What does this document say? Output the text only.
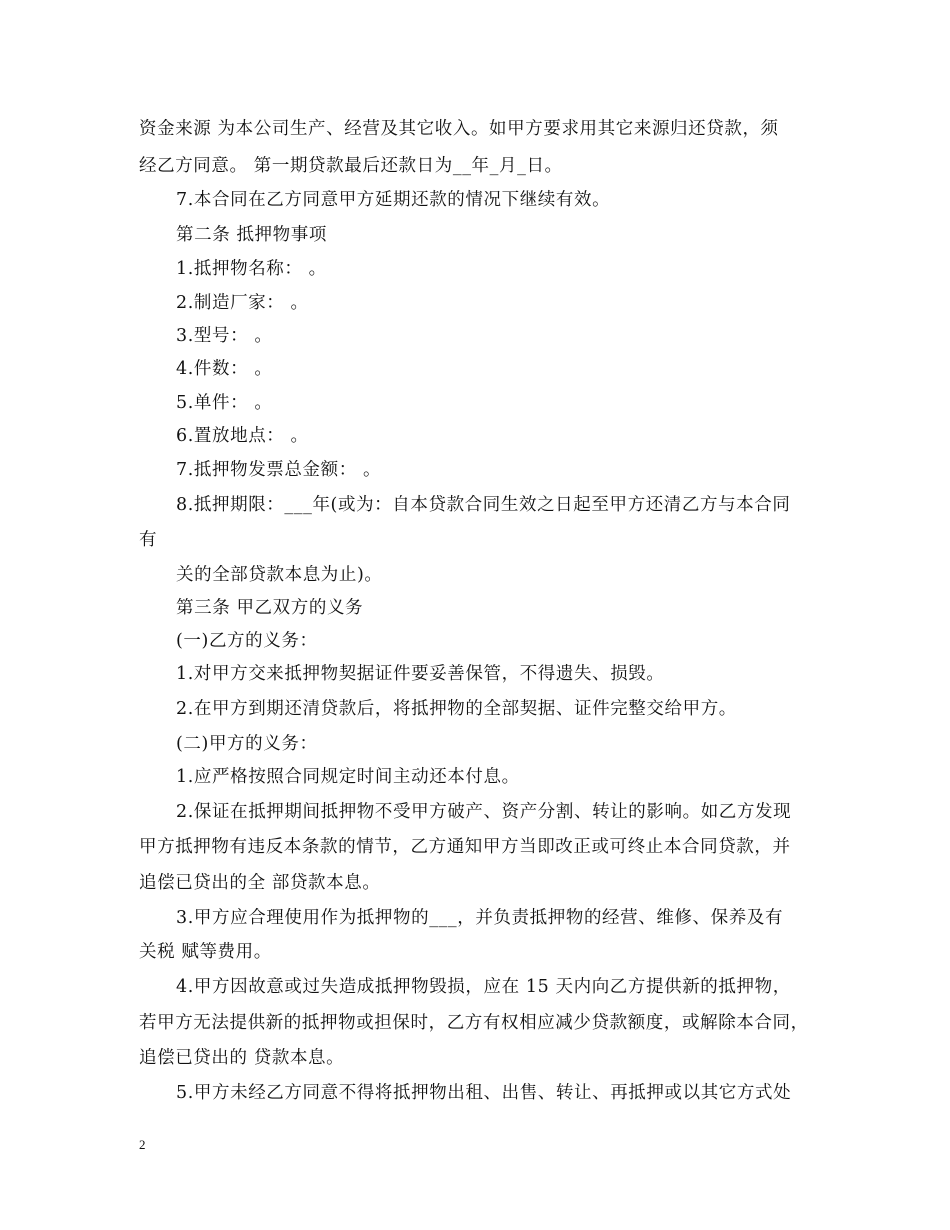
资金来源 为本公司生产、经营及其它收入。如甲方要求用其它来源归还贷款，须
经乙方同意。 第一期贷款最后还款日为__年_月_日。
7.本合同在乙方同意甲方延期还款的情况下继续有效。
第二条 抵押物事项
1.抵押物名称： 。
2.制造厂家： 。
3.型号： 。
4.件数： 。
5.单件： 。
6.置放地点： 。
7.抵押物发票总金额： 。
8.抵押期限：___年(或为：自本贷款合同生效之日起至甲方还清乙方与本合同
有
关的全部贷款本息为止)。
第三条 甲乙双方的义务
(一)乙方的义务：
1.对甲方交来抵押物契据证件要妥善保管，不得遗失、损毁。
2.在甲方到期还清贷款后，将抵押物的全部契据、证件完整交给甲方。
(二)甲方的义务：
1.应严格按照合同规定时间主动还本付息。
2.保证在抵押期间抵押物不受甲方破产、资产分割、转让的影响。如乙方发现
甲方抵押物有违反本条款的情节，乙方通知甲方当即改正或可终止本合同贷款，并
追偿已贷出的全 部贷款本息。
3.甲方应合理使用作为抵押物的___，并负责抵押物的经营、维修、保养及有
关税 赋等费用。
4.甲方因故意或过失造成抵押物毁损，应在 15 天内向乙方提供新的抵押物，
若甲方无法提供新的抵押物或担保时，乙方有权相应减少贷款额度，或解除本合同，
追偿已贷出的 贷款本息。
5.甲方未经乙方同意不得将抵押物出租、出售、转让、再抵押或以其它方式处
2
